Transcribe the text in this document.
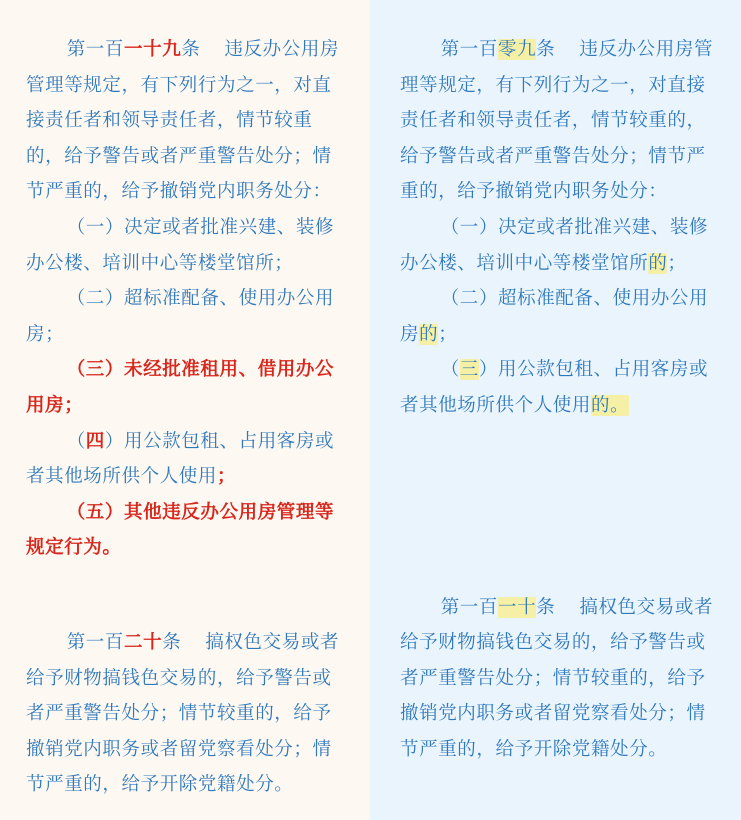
第一百一十九条 违反办公用房管理等规定，有下列行为之一，对直接责任者和领导责任者，情节较重的，给予警告或者严重警告处分；情节严重的，给予撤销党内职务处分：

（一）决定或者批准兴建、装修办公楼、培训中心等楼堂馆所；

（二）超标准配备、使用办公用房；

（三）未经批准租用、借用办公用房；

（四）用公款包租、占用客房或者其他场所供个人使用；

（五）其他违反办公用房管理等规定行为。

第一百二十条 搞权色交易或者给予财物搞钱色交易的，给予警告或者严重警告处分；情节较重的，给予撤销党内职务或者留党察看处分；情节严重的，给予开除党籍处分。

第一百零九条 违反办公用房管理等规定，有下列行为之一，对直接责任者和领导责任者，情节较重的，给予警告或者严重警告处分；情节严重的，给予撤销党内职务处分：

（一）决定或者批准兴建、装修办公楼、培训中心等楼堂馆所的；

（二）超标准配备、使用办公用房的；

（三）用公款包租、占用客房或者其他场所供个人使用的。

第一百一十条 搞权色交易或者给予财物搞钱色交易的，给予警告或者严重警告处分；情节较重的，给予撤销党内职务或者留党察看处分；情节严重的，给予开除党籍处分。
